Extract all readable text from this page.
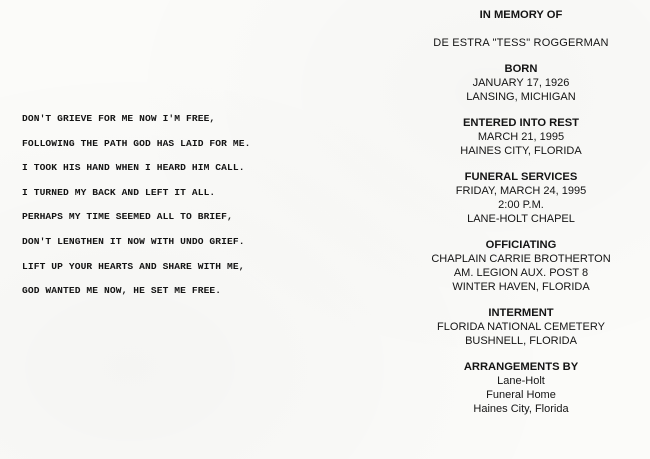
DON'T GRIEVE FOR ME NOW I'M FREE,
FOLLOWING THE PATH GOD HAS LAID FOR ME.
I TOOK HIS HAND WHEN I HEARD HIM CALL.
I TURNED MY BACK AND LEFT IT ALL.
PERHAPS MY TIME SEEMED ALL TO BRIEF,
DON'T LENGTHEN IT NOW WITH UNDO GRIEF.
LIFT UP YOUR HEARTS AND SHARE WITH ME,
GOD WANTED ME NOW, HE SET ME FREE.
IN MEMORY OF
DE ESTRA "TESS" ROGGERMAN
BORN
JANUARY 17, 1926
LANSING, MICHIGAN
ENTERED INTO REST
MARCH 21, 1995
HAINES CITY, FLORIDA
FUNERAL SERVICES
FRIDAY, MARCH 24, 1995
2:00 P.M.
LANE-HOLT CHAPEL
OFFICIATING
CHAPLAIN CARRIE BROTHERTON
AM. LEGION AUX. POST 8
WINTER HAVEN, FLORIDA
INTERMENT
FLORIDA NATIONAL CEMETERY
BUSHNELL, FLORIDA
ARRANGEMENTS BY
Lane-Holt
Funeral Home
Haines City, Florida
